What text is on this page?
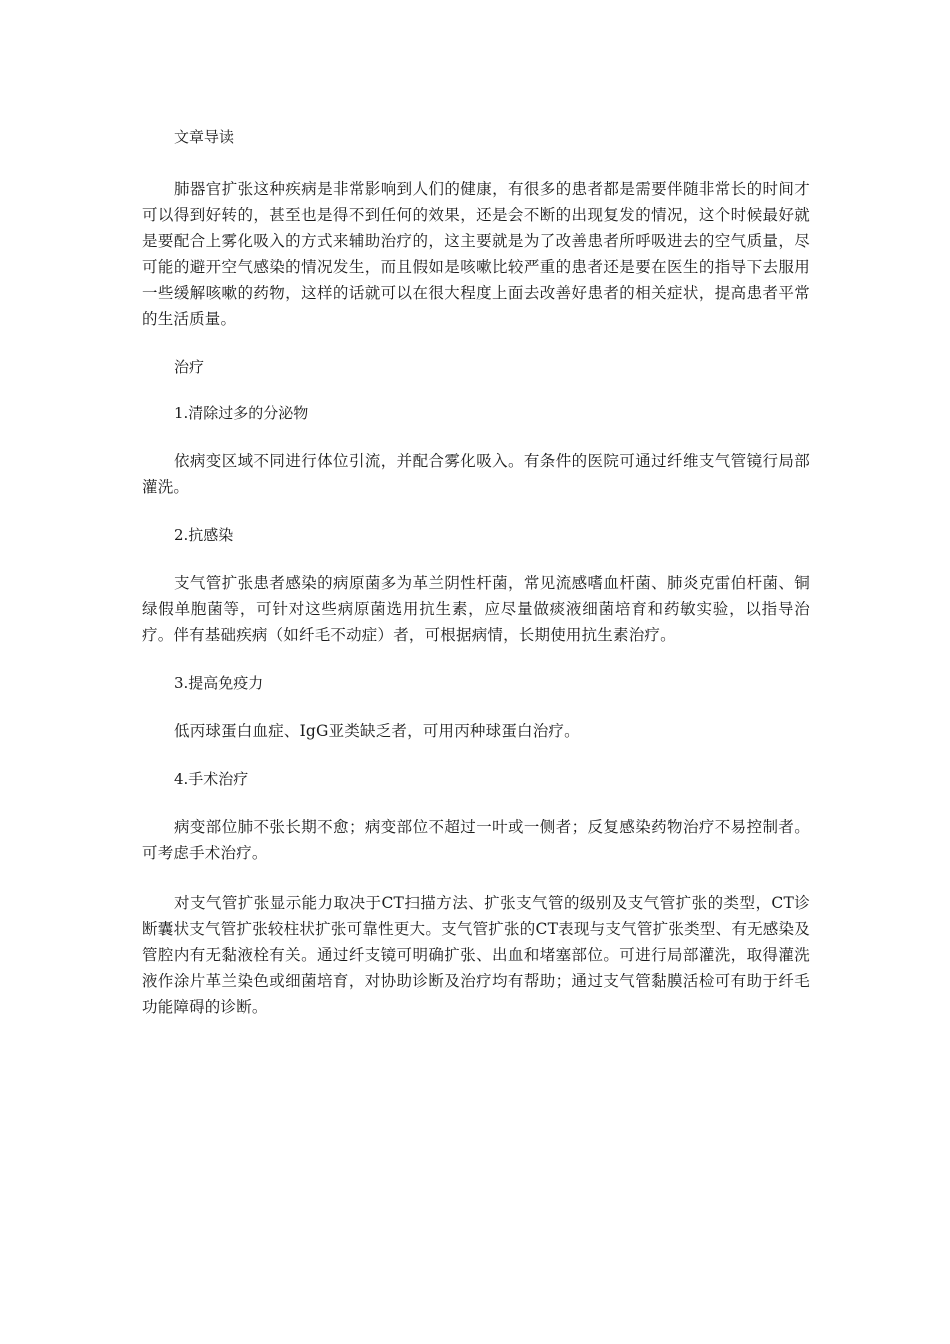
文章导读

肺器官扩张这种疾病是非常影响到人们的健康，有很多的患者都是需要伴随非常长的时间才可以得到好转的，甚至也是得不到任何的效果，还是会不断的出现复发的情况，这个时候最好就是要配合上雾化吸入的方式来辅助治疗的，这主要就是为了改善患者所呼吸进去的空气质量，尽可能的避开空气感染的情况发生，而且假如是咳嗽比较严重的患者还是要在医生的指导下去服用一些缓解咳嗽的药物，这样的话就可以在很大程度上面去改善好患者的相关症状，提高患者平常的生活质量。

治疗
1.清除过多的分泌物

依病变区域不同进行体位引流，并配合雾化吸入。有条件的医院可通过纤维支气管镜行局部灌洗。

2.抗感染

支气管扩张患者感染的病原菌多为革兰阴性杆菌，常见流感嗜血杆菌、肺炎克雷伯杆菌、铜绿假单胞菌等，可针对这些病原菌选用抗生素，应尽量做痰液细菌培育和药敏实验，以指导治疗。伴有基础疾病（如纤毛不动症）者，可根据病情，长期使用抗生素治疗。

3.提高免疫力

低丙球蛋白血症、IgG亚类缺乏者，可用丙种球蛋白治疗。

4.手术治疗

病变部位肺不张长期不愈；病变部位不超过一叶或一侧者；反复感染药物治疗不易控制者。可考虑手术治疗。

对支气管扩张显示能力取决于CT扫描方法、扩张支气管的级别及支气管扩张的类型，CT诊断囊状支气管扩张较柱状扩张可靠性更大。支气管扩张的CT表现与支气管扩张类型、有无感染及管腔内有无黏液栓有关。通过纤支镜可明确扩张、出血和堵塞部位。可进行局部灌洗，取得灌洗液作涂片革兰染色或细菌培育，对协助诊断及治疗均有帮助；通过支气管黏膜活检可有助于纤毛功能障碍的诊断。
